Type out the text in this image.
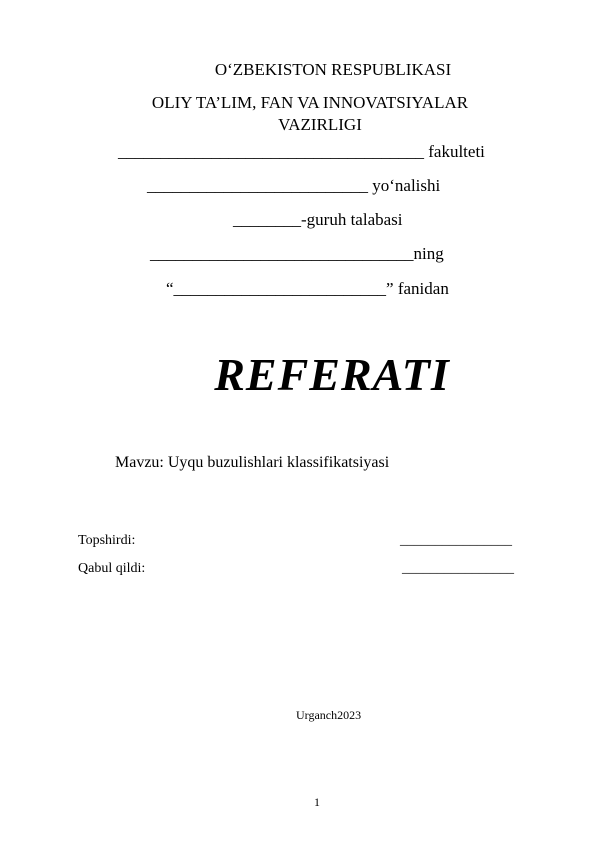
O‘ZBEKISTON RESPUBLIKASI
OLIY TA’LIM, FAN VA INNOVATSIYALAR
VAZIRLIGI
____________________________________ fakulteti
__________________________ yo‘nalishi
________-guruh talabasi
_______________________________ning
“_________________________” fanidan
REFERATI
Mavzu: Uyqu buzulishlari klassifikatsiyasi
Topshirdi:	________________
Qabul qildi:	________________
Urganch2023
1
